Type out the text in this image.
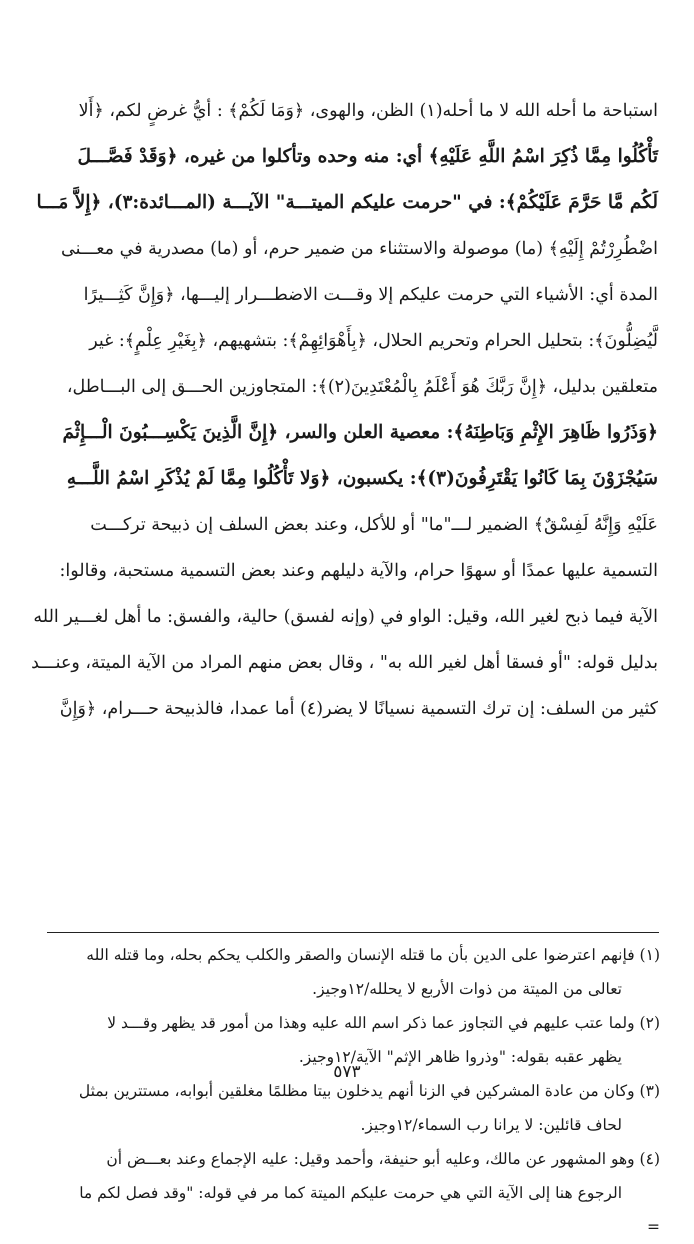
استباحة ما أحله الله لا ما أحله(١) الظن، والهوى، ﴿وَمَا لَكُمْ﴾ : أيُّ غرضٍ لكم، ﴿أَلا
تَأْكُلُوا مِمَّا ذُكِرَ اسْمُ اللَّهِ عَلَيْهِ﴾ أي: منه وحده وتأكلوا من غيره، ﴿وَقَدْ فَصَّـــلَ
لَكُم مَّا حَرَّمَ عَلَيْكُمْ﴾: في "حرمت عليكم الميتـــة" الآيـــة (المـــائدة:٣)، ﴿إِلاَّ مَـــا
اضْطُرِرْتُمْ إِلَيْهِ﴾ (ما) موصولة والاستثناء من ضمير حرم، أو (ما) مصدرية في معـــنى
المدة أي: الأشياء التي حرمت عليكم إلا وقـــت الاضطـــرار إليـــها، ﴿وَإِنَّ كَثِـــيرًا
لَّيُضِلُّونَ﴾: بتحليل الحرام وتحريم الحلال، ﴿بِأَهْوَائِهِمْ﴾: بتشهيهم، ﴿بِغَيْرِ عِلْمٍ﴾: غير
متعلقين بدليل، ﴿إِنَّ رَبَّكَ هُوَ أَعْلَمُ بِالْمُعْتَدِينَ(٢)﴾: المتجاوزين الحـــق إلى البـــاطل،
﴿وَذَرُوا ظَاهِرَ الإِثْمِ وَبَاطِنَهُ﴾: معصية العلن والسر، ﴿إِنَّ الَّذِينَ يَكْسِـــبُونَ الْـــإِثْمَ
سَيُجْزَوْنَ بِمَا كَانُوا يَقْتَرِفُونَ(٣)﴾: يكسبون، ﴿وَلا تَأْكُلُوا مِمَّا لَمْ يُذْكَرِ اسْمُ اللَّـــهِ
عَلَيْهِ وَإِنَّهُ لَفِسْقٌ﴾ الضمير لـــ"ما" أو للأكل، وعند بعض السلف إن ذبيحة تركـــت
التسمية عليها عمدًا أو سهوًا حرام، والآية دليلهم وعند بعض التسمية مستحبة، وقالوا:
الآية فيما ذبح لغير الله، وقيل: الواو في (وإنه لفسق) حالية، والفسق: ما أهل لغـــير الله
بدليل قوله: "أو فسقا أهل لغير الله به" ، وقال بعض منهم المراد من الآية الميتة، وعنـــد
كثير من السلف: إن ترك التسمية نسيانًا لا يضر(٤) أما عمدا، فالذبيحة حـــرام، ﴿وَإِنَّ
(١) فإنهم اعترضوا على الدين بأن ما قتله الإنسان والصقر والكلب يحكم بحله، وما قتله الله
تعالى من الميتة من ذوات الأربع لا يحلله/١٢وجيز.
(٢) ولما عتب عليهم في التجاوز عما ذكر اسم الله عليه وهذا من أمور قد يظهر وقـــد لا
يظهر عقبه بقوله: "وذروا ظاهر الإثم" الآية/١٢وجيز.
(٣) وكان من عادة المشركين في الزنا أنهم يدخلون بيتا مظلمًا مغلقين أبوابه، مستترين بمثل
لحاف قائلين: لا يرانا رب السماء/١٢وجيز.
(٤) وهو المشهور عن مالك، وعليه أبو حنيفة، وأحمد وقيل: عليه الإجماع وعند بعـــض أن
الرجوع هنا إلى الآية التي هي حرمت عليكم الميتة كما مر في قوله: "وقد فصل لكم ما
=
٥٧٣
